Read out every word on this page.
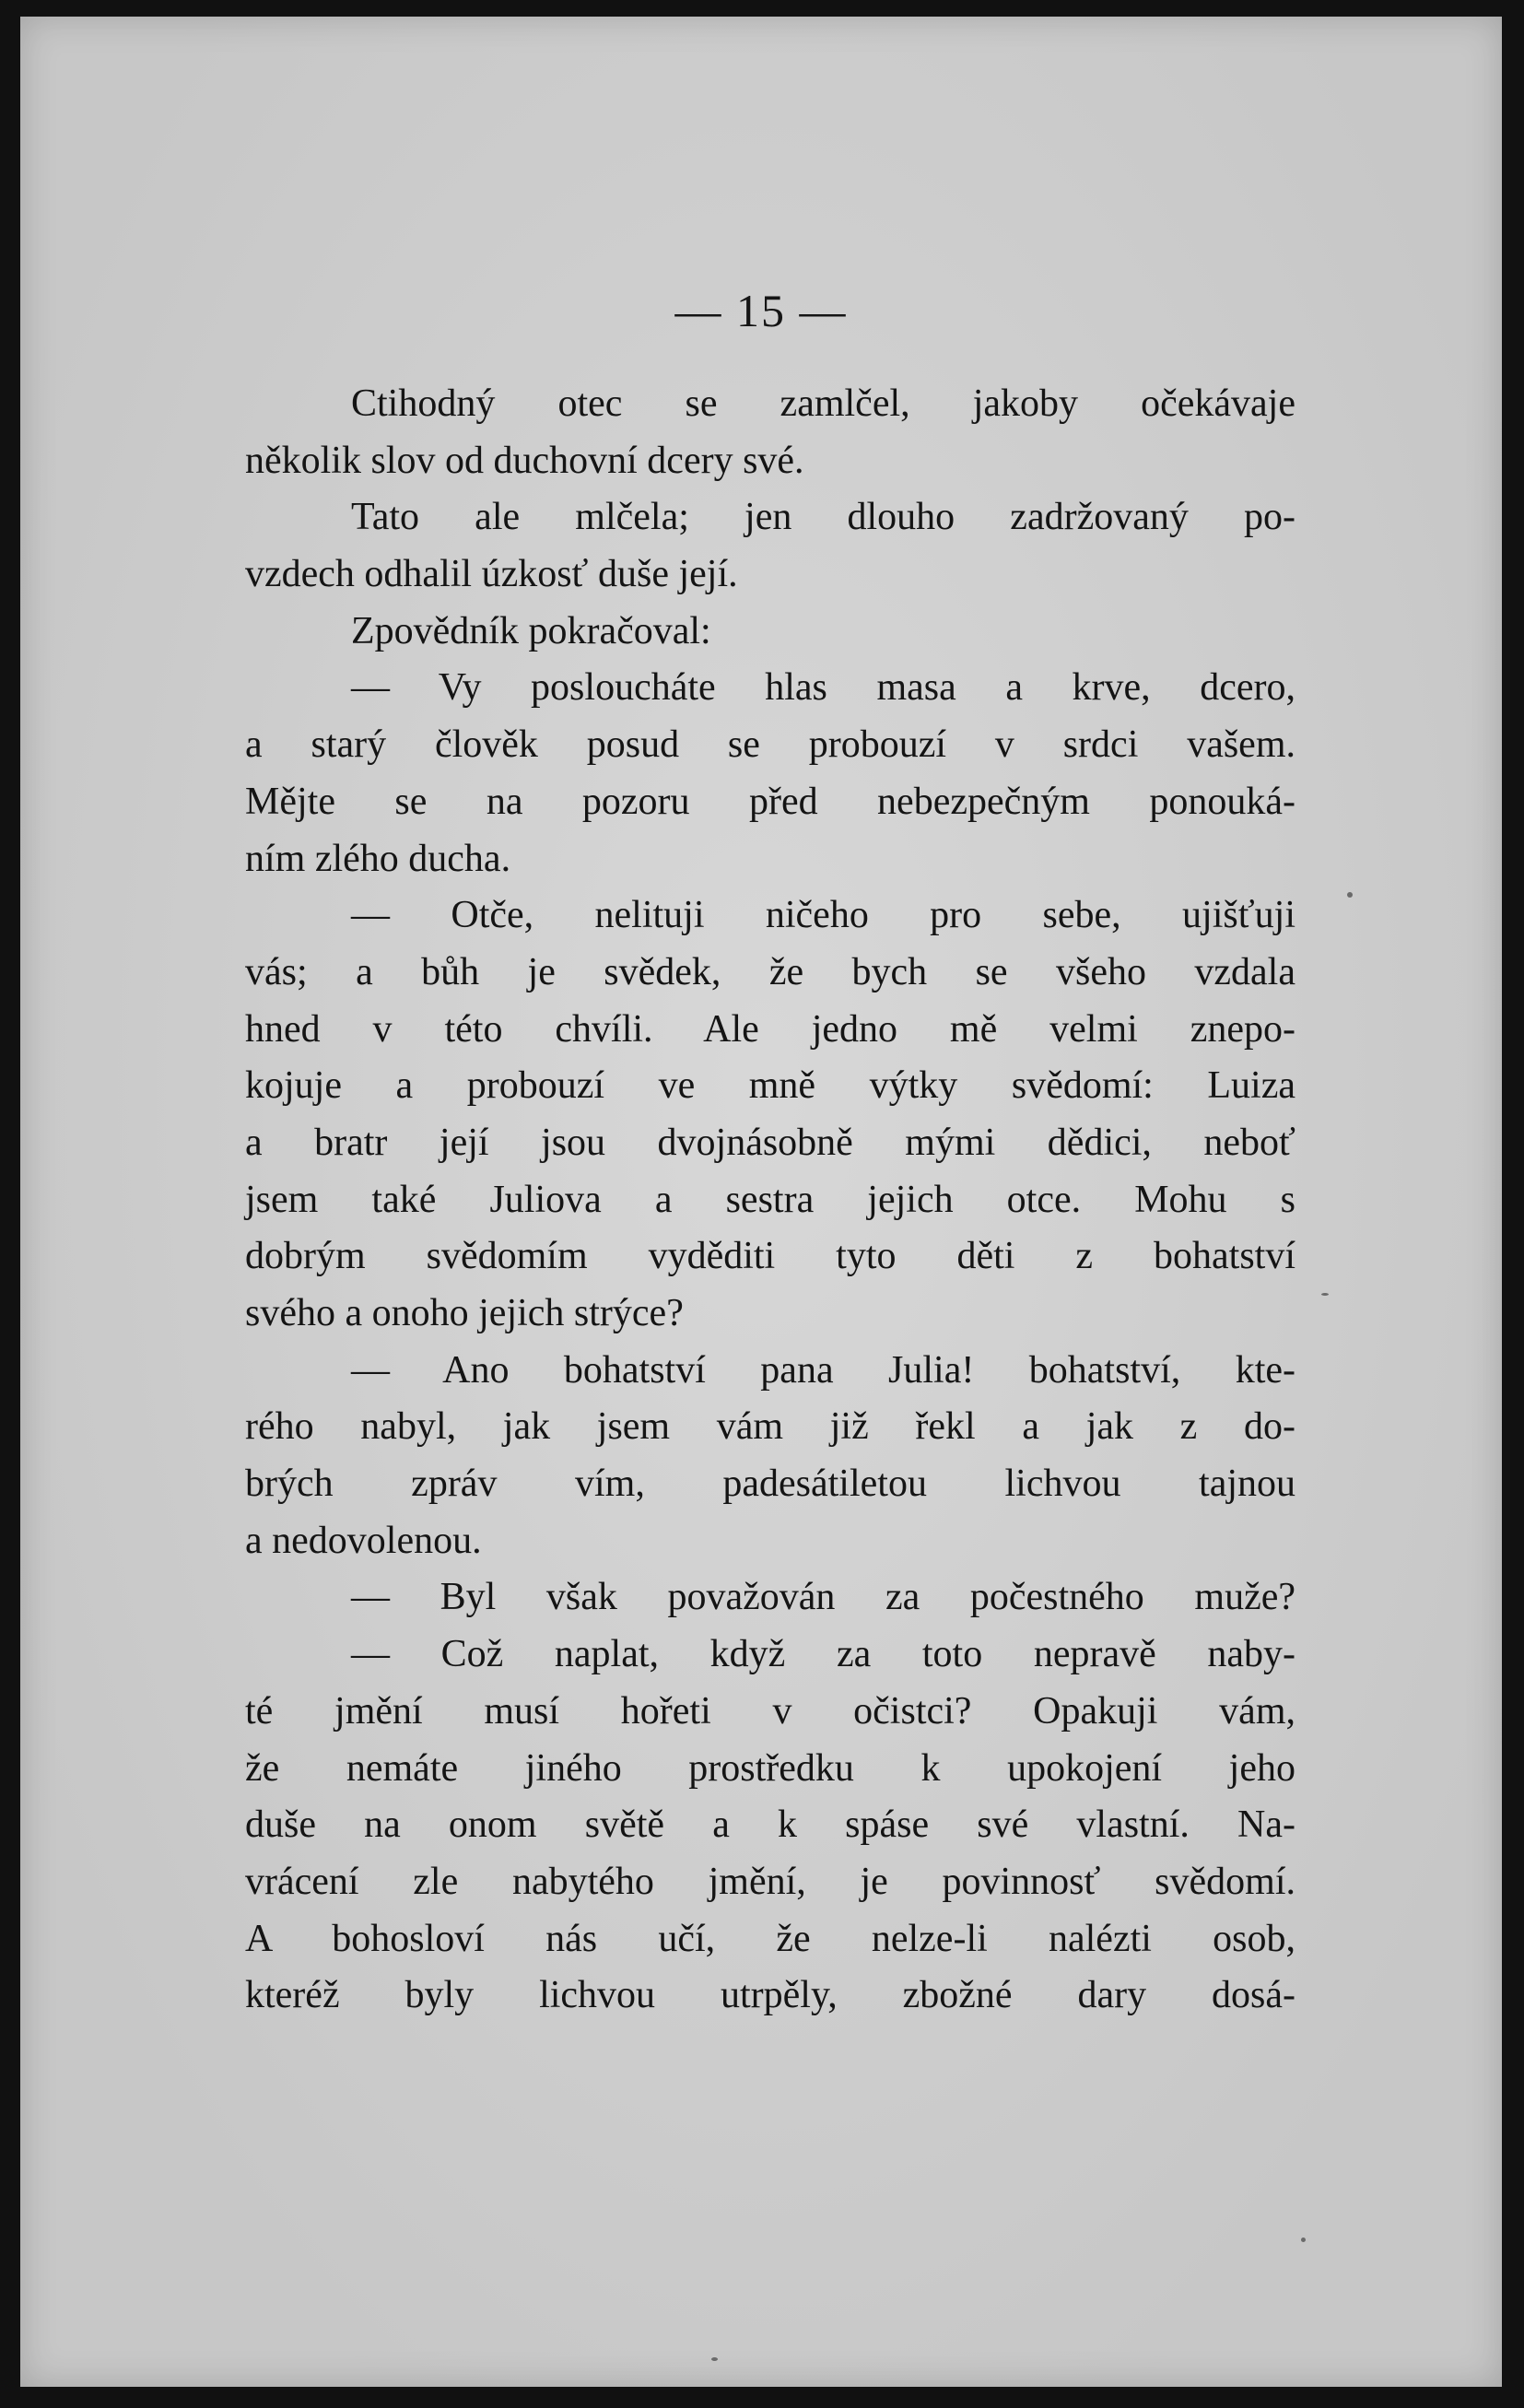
— 15 —
Ctihodný otec se zamlčel, jakoby očekávaje
několik slov od duchovní dcery své.
Tato ale mlčela; jen dlouho zadržovaný po-
vzdech odhalil úzkosť duše její.
Zpovědník pokračoval:
— Vy posloucháte hlas masa a krve, dcero,
a starý člověk posud se probouzí v srdci vašem.
Mějte se na pozoru před nebezpečným ponouká-
ním zlého ducha.
— Otče, nelituji ničeho pro sebe, ujišťuji
vás; a bůh je svědek, že bych se všeho vzdala
hned v této chvíli. Ale jedno mě velmi znepo-
kojuje a probouzí ve mně výtky svědomí: Luiza
a bratr její jsou dvojnásobně mými dědici, neboť
jsem také Juliova a sestra jejich otce. Mohu s
dobrým svědomím vyděditi tyto děti z bohatství
svého a onoho jejich strýce?
— Ano bohatství pana Julia! bohatství, kte-
rého nabyl, jak jsem vám již řekl a jak z do-
brých zpráv vím, padesátiletou lichvou tajnou
a nedovolenou.
— Byl však považován za počestného muže?
— Což naplat, když za toto nepravě naby-
té jmění musí hořeti v očistci? Opakuji vám,
že nemáte jiného prostředku k upokojení jeho
duše na onom světě a k spáse své vlastní. Na-
vrácení zle nabytého jmění, je povinnosť svědomí.
A bohosloví nás učí, že nelze-li nalézti osob,
kteréž byly lichvou utrpěly, zbožné dary dosá-
